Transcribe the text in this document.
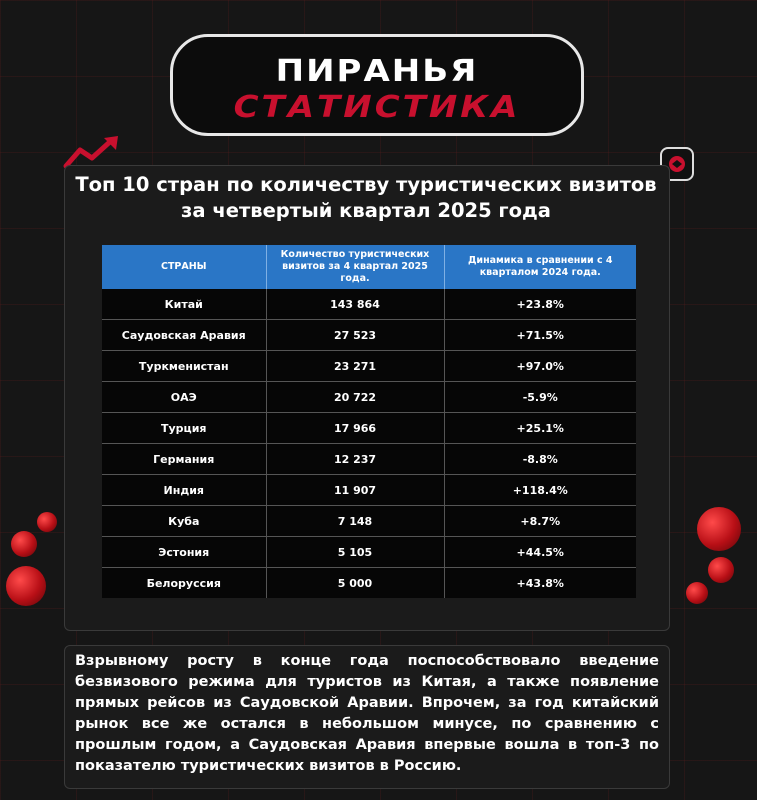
ПИРАНЬЯ
СТАТИСТИКА
Топ 10 стран по количеству туристических визитов за четвертый квартал 2025 года
СТРАНЫ	Количество туристических визитов за 4 квартал 2025 года.	Динамика в сравнении с 4 кварталом 2024 года.
Китай	143 864	+23.8%
Саудовская Аравия	27 523	+71.5%
Туркменистан	23 271	+97.0%
ОАЭ	20 722	-5.9%
Турция	17 966	+25.1%
Германия	12 237	-8.8%
Индия	11 907	+118.4%
Куба	7 148	+8.7%
Эстония	5 105	+44.5%
Белоруссия	5 000	+43.8%

Взрывному росту в конце года поспособствовало введение безвизового режима для туристов из Китая, а также появление прямых рейсов из Саудовской Аравии. Впрочем, за год китайский рынок все же остался в небольшом минусе, по сравнению с прошлым годом, а Саудовская Аравия впервые вошла в топ-3 по показателю туристических визитов в Россию.
